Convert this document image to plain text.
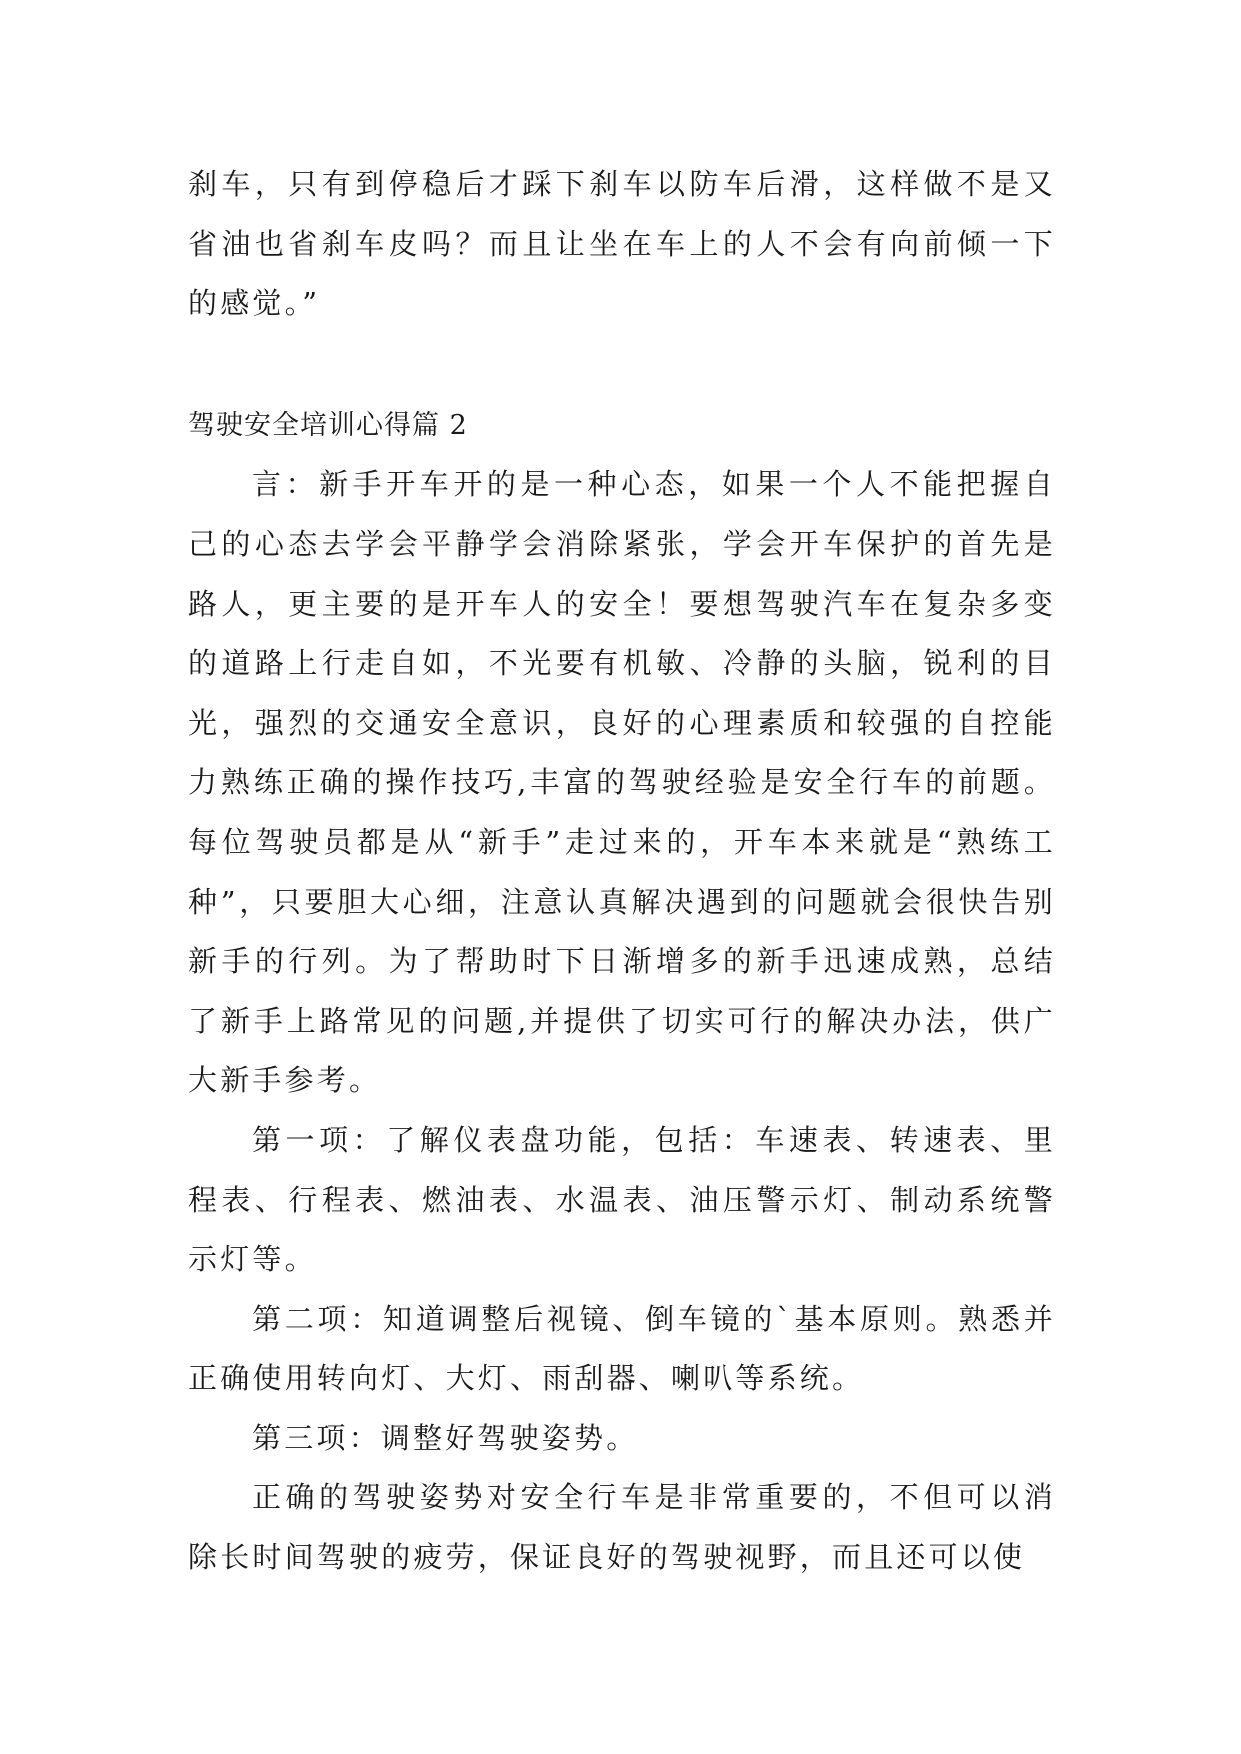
刹车，只有到停稳后才踩下刹车以防车后滑，这样做不是又省油也省刹车皮吗？而且让坐在车上的人不会有向前倾一下的感觉。”

驾驶安全培训心得篇 2

言：新手开车开的是一种心态，如果一个人不能把握自己的心态去学会平静学会消除紧张，学会开车保护的首先是路人，更主要的是开车人的安全！要想驾驶汽车在复杂多变的道路上行走自如，不光要有机敏、冷静的头脑，锐利的目光，强烈的交通安全意识，良好的心理素质和较强的自控能力熟练正确的操作技巧,丰富的驾驶经验是安全行车的前题。每位驾驶员都是从“新手”走过来的，开车本来就是“熟练工种”，只要胆大心细，注意认真解决遇到的问题就会很快告别新手的行列。为了帮助时下日渐增多的新手迅速成熟，总结了新手上路常见的问题,并提供了切实可行的解决办法，供广大新手参考。

第一项：了解仪表盘功能，包括：车速表、转速表、里程表、行程表、燃油表、水温表、油压警示灯、制动系统警示灯等。

第二项：知道调整后视镜、倒车镜的`基本原则。熟悉并正确使用转向灯、大灯、雨刮器、喇叭等系统。

第三项：调整好驾驶姿势。

正确的驾驶姿势对安全行车是非常重要的，不但可以消除长时间驾驶的疲劳，保证良好的驾驶视野，而且还可以使
